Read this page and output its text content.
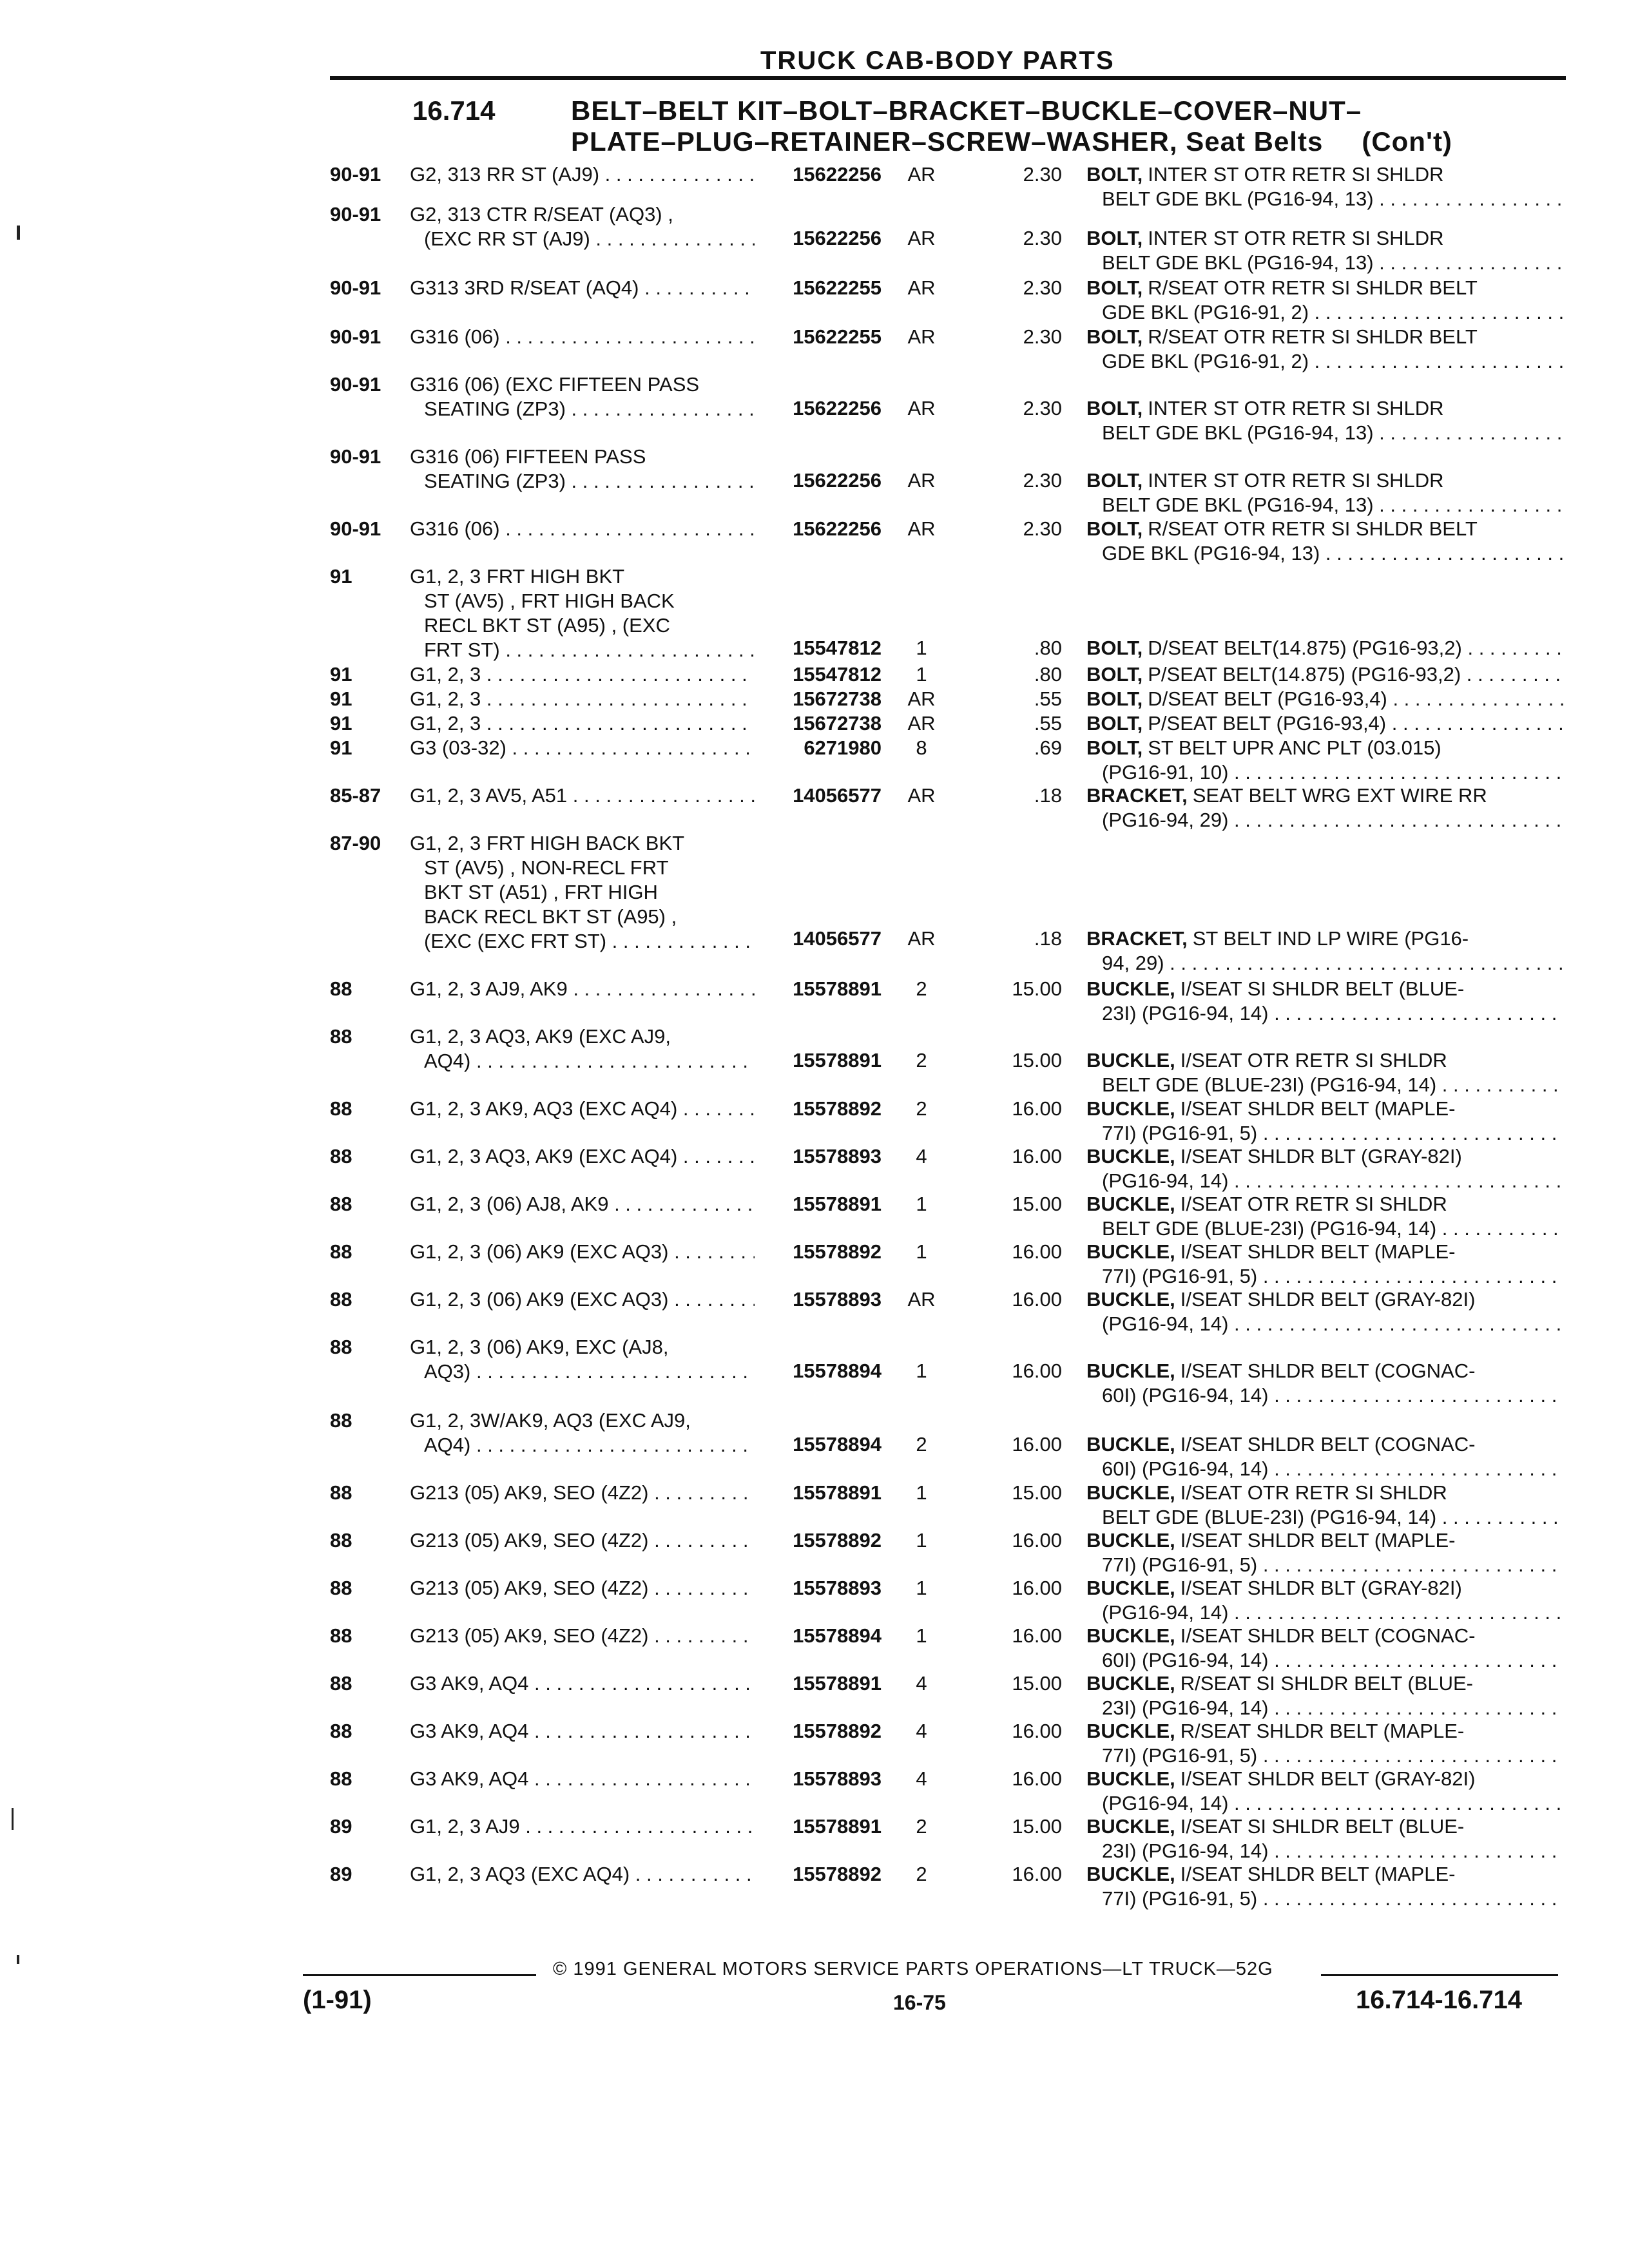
TRUCK CAB-BODY PARTS
16.714	BELT–BELT KIT–BOLT–BRACKET–BUCKLE–COVER–NUT–
PLATE–PLUG–RETAINER–SCREW–WASHER, Seat Belts (Con't)
90-91 G2, 313 RR ST (AJ9) . . .	15622256	AR	2.30 BOLT, INTER ST OTR RETR SI SHLDR
BELT GDE BKL (PG16-94, 13) . . .
90-91 G2, 313 CTR R/SEAT (AQ3) ,
(EXC RR ST (AJ9) . . .	15622256	AR	2.30 BOLT, INTER ST OTR RETR SI SHLDR
BELT GDE BKL (PG16-94, 13) . . .
90-91 G313 3RD R/SEAT (AQ4) . . .	15622255	AR	2.30 BOLT, R/SEAT OTR RETR SI SHLDR BELT
GDE BKL (PG16-91, 2) . . .
90-91 G316 (06) . . .	15622255	AR	2.30 BOLT, R/SEAT OTR RETR SI SHLDR BELT
GDE BKL (PG16-91, 2) . . .
90-91 G316 (06) (EXC FIFTEEN PASS
SEATING (ZP3) . . .	15622256	AR	2.30 BOLT, INTER ST OTR RETR SI SHLDR
BELT GDE BKL (PG16-94, 13) . . .
90-91 G316 (06) FIFTEEN PASS
SEATING (ZP3) . . .	15622256	AR	2.30 BOLT, INTER ST OTR RETR SI SHLDR
BELT GDE BKL (PG16-94, 13) . . .
90-91 G316 (06) . . .	15622256	AR	2.30 BOLT, R/SEAT OTR RETR SI SHLDR BELT
GDE BKL (PG16-94, 13) . . .
91	G1, 2, 3 FRT HIGH BKT
ST (AV5) , FRT HIGH BACK
RECL BKT ST (A95) , (EXC
FRT ST) . . .	15547812	1	.80 BOLT, D/SEAT BELT(14.875) (PG16-93,2) . . .
91	G1, 2, 3 . . .	15547812	1	.80 BOLT, P/SEAT BELT(14.875) (PG16-93,2) . . .
91	G1, 2, 3 . . .	15672738	AR	.55 BOLT, D/SEAT BELT (PG16-93,4) . . .
91	G1, 2, 3 . . .	15672738	AR	.55 BOLT, P/SEAT BELT (PG16-93,4) . . .
91	G3 (03-32) . . .	6271980	8	.69 BOLT, ST BELT UPR ANC PLT (03.015)
(PG16-91, 10) . . .
85-87 G1, 2, 3 AV5, A51 . . .	14056577	AR	.18 BRACKET, SEAT BELT WRG EXT WIRE RR
(PG16-94, 29) . . .
87-90 G1, 2, 3 FRT HIGH BACK BKT
ST (AV5) , NON-RECL FRT
BKT ST (A51) , FRT HIGH
BACK RECL BKT ST (A95) ,
(EXC (EXC FRT ST) . . .	14056577	AR	.18 BRACKET, ST BELT IND LP WIRE (PG16-
94, 29) . . .
88	G1, 2, 3 AJ9, AK9 . . .	15578891	2	15.00 BUCKLE, I/SEAT SI SHLDR BELT (BLUE-
23I) (PG16-94, 14) . . .
88	G1, 2, 3 AQ3, AK9 (EXC AJ9,
AQ4) . . .	15578891	2	15.00 BUCKLE, I/SEAT OTR RETR SI SHLDR
BELT GDE (BLUE-23I) (PG16-94, 14) . . .
88	G1, 2, 3 AK9, AQ3 (EXC AQ4) . . .	15578892	2	16.00 BUCKLE, I/SEAT SHLDR BELT (MAPLE-
77I) (PG16-91, 5) . . .
88	G1, 2, 3 AQ3, AK9 (EXC AQ4) . . .	15578893	4	16.00 BUCKLE, I/SEAT SHLDR BLT (GRAY-82I)
(PG16-94, 14) . . .
88	G1, 2, 3 (06) AJ8, AK9 . . .	15578891	1	15.00 BUCKLE, I/SEAT OTR RETR SI SHLDR
BELT GDE (BLUE-23I) (PG16-94, 14) . . .
88	G1, 2, 3 (06) AK9 (EXC AQ3) . . .	15578892	1	16.00 BUCKLE, I/SEAT SHLDR BELT (MAPLE-
77I) (PG16-91, 5) . . .
88	G1, 2, 3 (06) AK9 (EXC AQ3) . . .	15578893	AR	16.00 BUCKLE, I/SEAT SHLDR BELT (GRAY-82I)
(PG16-94, 14) . . .
88	G1, 2, 3 (06) AK9, EXC (AJ8,
AQ3) . . .	15578894	1	16.00 BUCKLE, I/SEAT SHLDR BELT (COGNAC-
60I) (PG16-94, 14) . . .
88	G1, 2, 3W/AK9, AQ3 (EXC AJ9,
AQ4) . . .	15578894	2	16.00 BUCKLE, I/SEAT SHLDR BELT (COGNAC-
60I) (PG16-94, 14) . . .
88	G213 (05) AK9, SEO (4Z2) . . .	15578891	1	15.00 BUCKLE, I/SEAT OTR RETR SI SHLDR
BELT GDE (BLUE-23I) (PG16-94, 14) . . .
88	G213 (05) AK9, SEO (4Z2) . . .	15578892	1	16.00 BUCKLE, I/SEAT SHLDR BELT (MAPLE-
77I) (PG16-91, 5) . . .
88	G213 (05) AK9, SEO (4Z2) . . .	15578893	1	16.00 BUCKLE, I/SEAT SHLDR BLT (GRAY-82I)
(PG16-94, 14) . . .
88	G213 (05) AK9, SEO (4Z2) . . .	15578894	1	16.00 BUCKLE, I/SEAT SHLDR BELT (COGNAC-
60I) (PG16-94, 14) . . .
88	G3 AK9, AQ4 . . .	15578891	4	15.00 BUCKLE, R/SEAT SI SHLDR BELT (BLUE-
23I) (PG16-94, 14) . . .
88	G3 AK9, AQ4 . . .	15578892	4	16.00 BUCKLE, R/SEAT SHLDR BELT (MAPLE-
77I) (PG16-91, 5) . . .
88	G3 AK9, AQ4 . . .	15578893	4	16.00 BUCKLE, I/SEAT SHLDR BELT (GRAY-82I)
(PG16-94, 14) . . .
89	G1, 2, 3 AJ9 . . .	15578891	2	15.00 BUCKLE, I/SEAT SI SHLDR BELT (BLUE-
23I) (PG16-94, 14) . . .
89	G1, 2, 3 AQ3 (EXC AQ4) . . .	15578892	2	16.00 BUCKLE, I/SEAT SHLDR BELT (MAPLE-
77I) (PG16-91, 5) . . .
© 1991 GENERAL MOTORS SERVICE PARTS OPERATIONS—LT TRUCK—52G
(1-91)	16-75	16.714-16.714
